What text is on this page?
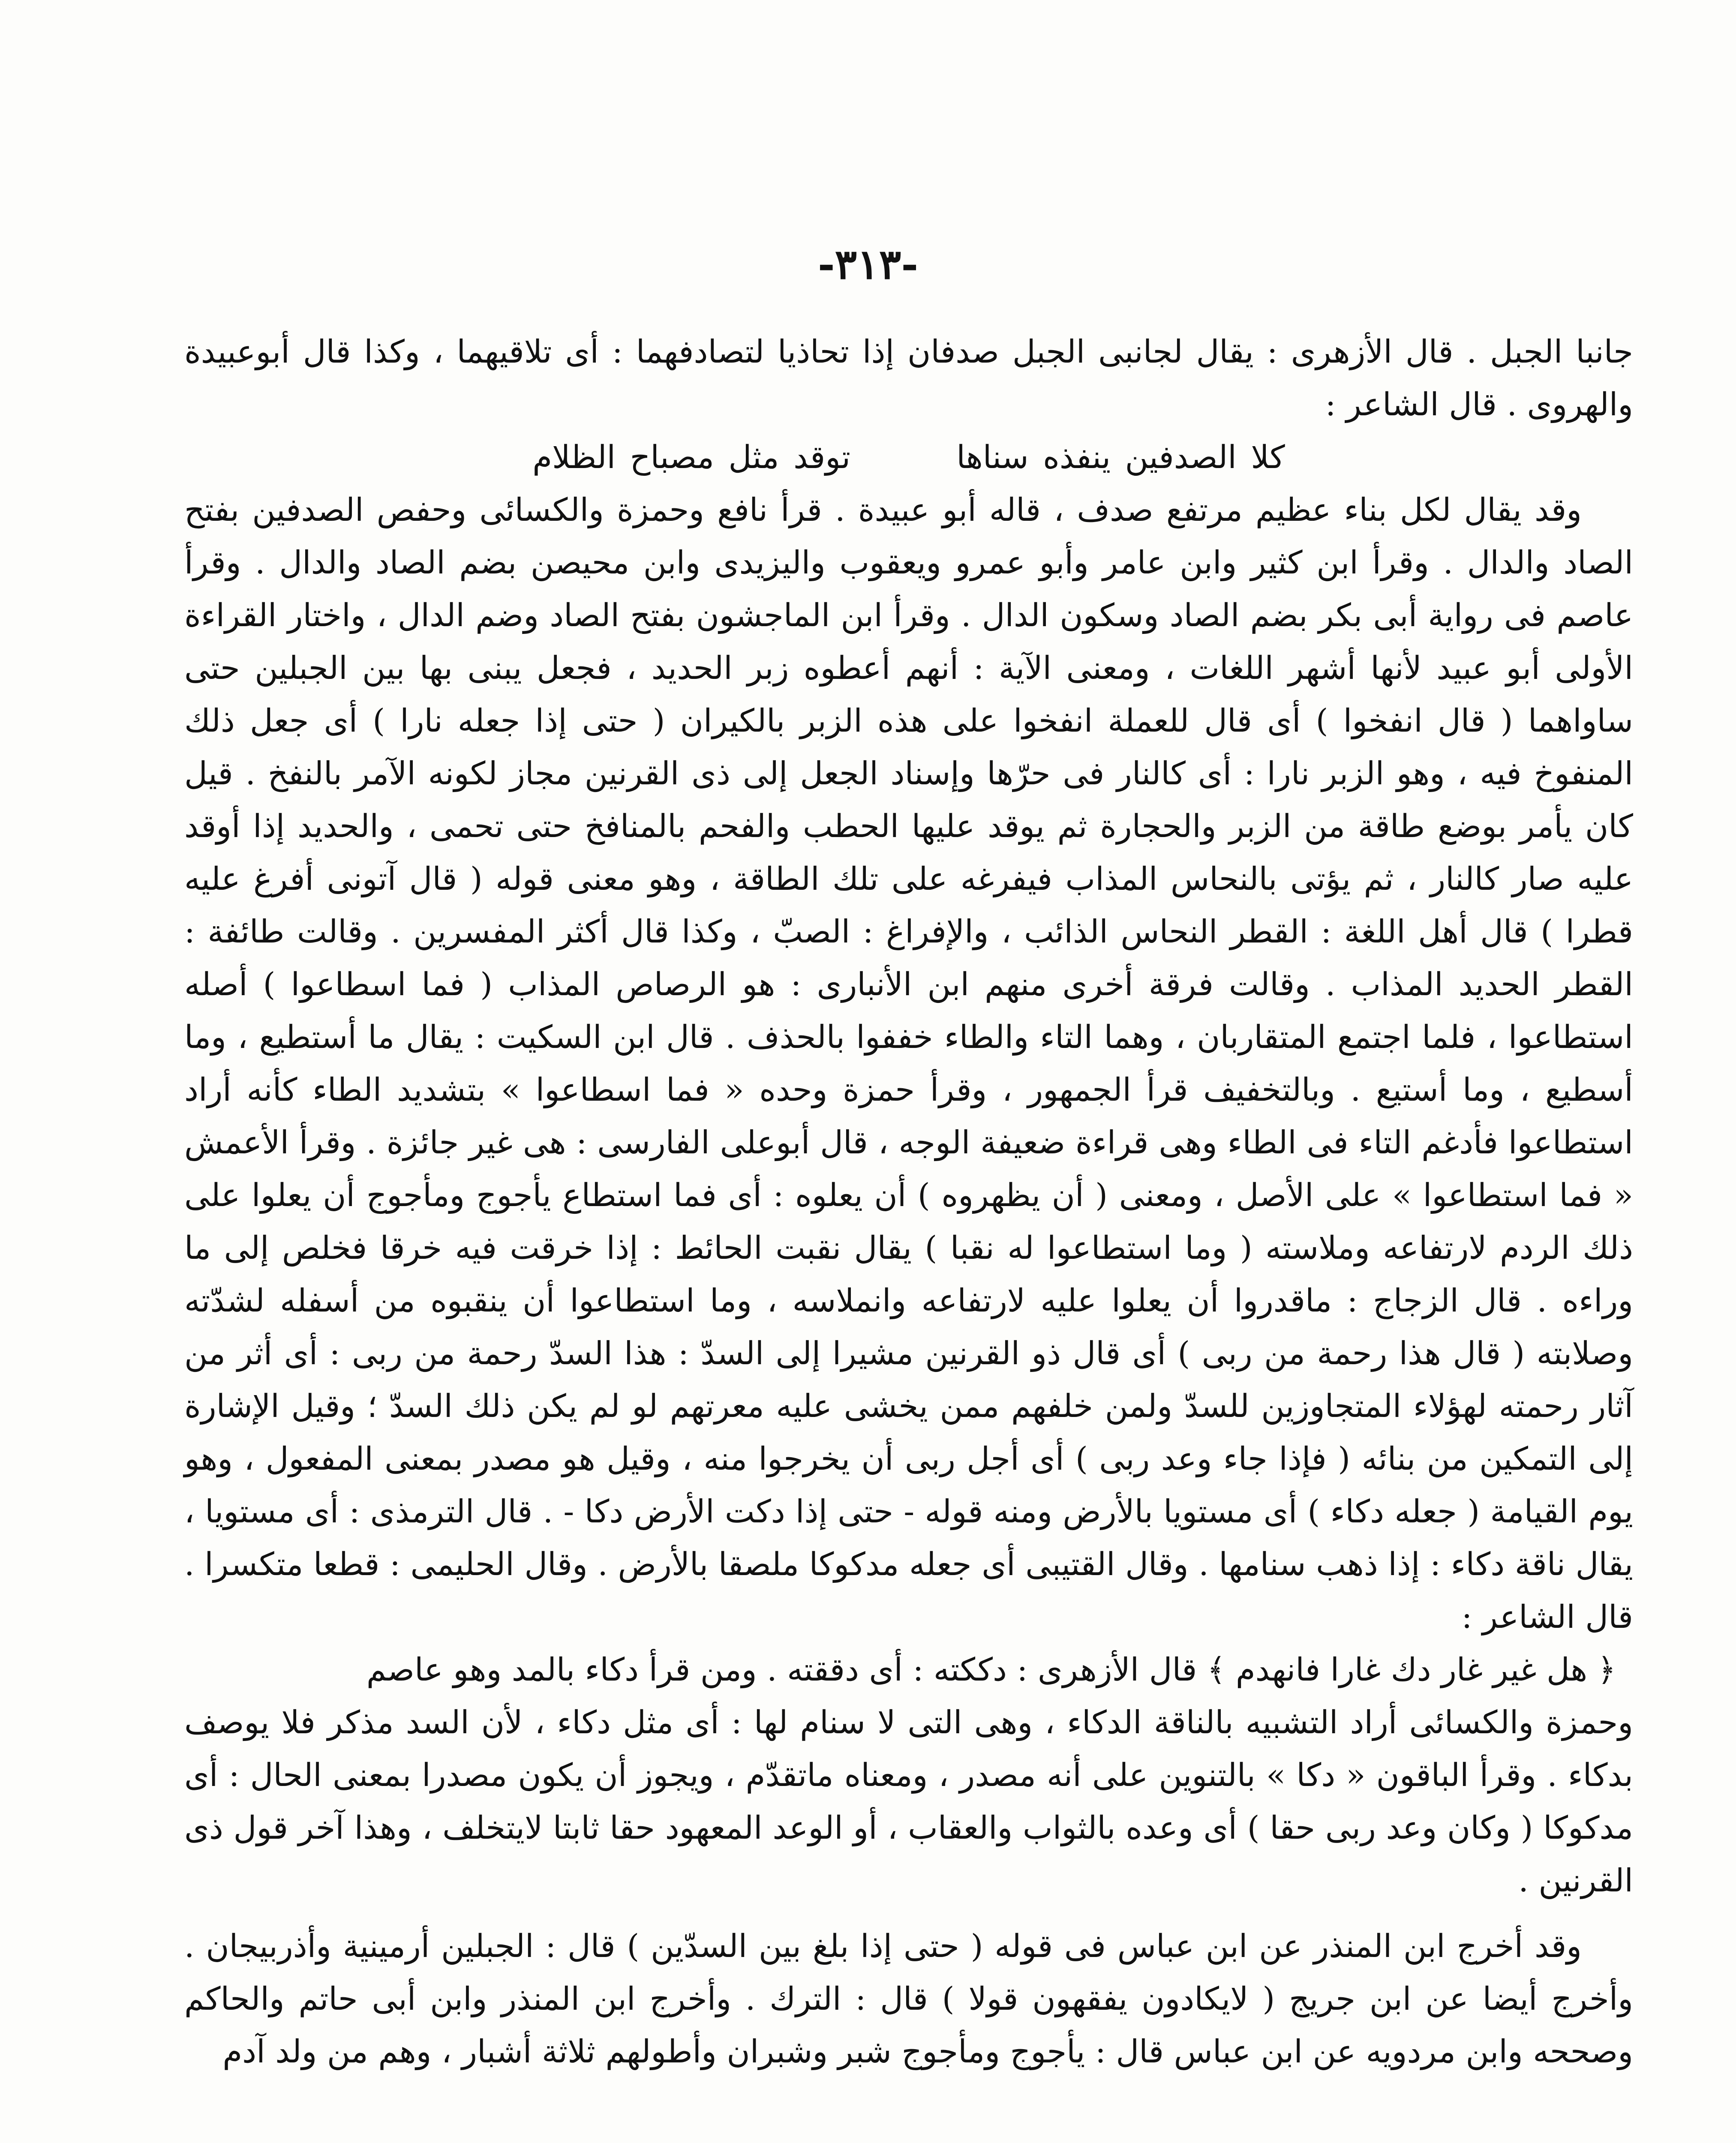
-٣١٣-

جانبا الجبل . قال الأزهرى : يقال لجانبى الجبل صدفان إذا تحاذيا لتصادفهما : أى تلاقيهما ، وكذا قال أبوعبيدة والهروى . قال الشاعر :

كلا الصدفين ينفذه سناها  توقد مثل مصباح الظلام

وقد يقال لكل بناء عظيم مرتفع صدف ، قاله أبو عبيدة . قرأ نافع وحمزة والكسائى وحفص الصدفين بفتح الصاد والدال . وقرأ ابن كثير وابن عامر وأبو عمرو ويعقوب واليزيدى وابن محيصن بضم الصاد والدال . وقرأ عاصم فى رواية أبى بكر بضم الصاد وسكون الدال . وقرأ ابن الماجشون بفتح الصاد وضم الدال ، واختار القراءة الأولى أبو عبيد لأنها أشهر اللغات ، ومعنى الآية : أنهم أعطوه زبر الحديد ، فجعل يبنى بها بين الجبلين حتى ساواهما ( قال انفخوا ) أى قال للعملة انفخوا على هذه الزبر بالكيران ( حتى إذا جعله نارا ) أى جعل ذلك المنفوخ فيه ، وهو الزبر نارا : أى كالنار فى حرّها وإسناد الجعل إلى ذى القرنين مجاز لكونه الآمر بالنفخ . قيل كان يأمر بوضع طاقة من الزبر والحجارة ثم يوقد عليها الحطب والفحم بالمنافخ حتى تحمى ، والحديد إذا أوقد عليه صار كالنار ، ثم يؤتى بالنحاس المذاب فيفرغه على تلك الطاقة ، وهو معنى قوله ( قال آتونى أفرغ عليه قطرا ) قال أهل اللغة : القطر النحاس الذائب ، والإفراغ : الصبّ ، وكذا قال أكثر المفسرين . وقالت طائفة : القطر الحديد المذاب . وقالت فرقة أخرى منهم ابن الأنبارى : هو الرصاص المذاب ( فما اسطاعوا ) أصله استطاعوا ، فلما اجتمع المتقاربان ، وهما التاء والطاء خففوا بالحذف . قال ابن السكيت : يقال ما أستطيع ، وما أسطيع ، وما أستيع . وبالتخفيف قرأ الجمهور ، وقرأ حمزة وحده « فما اسطاعوا » بتشديد الطاء كأنه أراد استطاعوا فأدغم التاء فى الطاء وهى قراءة ضعيفة الوجه ، قال أبوعلى الفارسى : هى غير جائزة . وقرأ الأعمش « فما استطاعوا » على الأصل ، ومعنى ( أن يظهروه ) أن يعلوه : أى فما استطاع يأجوج ومأجوج أن يعلوا على ذلك الردم لارتفاعه وملاسته ( وما استطاعوا له نقبا ) يقال نقبت الحائط : إذا خرقت فيه خرقا فخلص إلى ما وراءه . قال الزجاج : ماقدروا أن يعلوا عليه لارتفاعه وانملاسه ، وما استطاعوا أن ينقبوه من أسفله لشدّته وصلابته ( قال هذا رحمة من ربى ) أى قال ذو القرنين مشيرا إلى السدّ : هذا السدّ رحمة من ربى : أى أثر من آثار رحمته لهؤلاء المتجاوزين للسدّ ولمن خلفهم ممن يخشى عليه معرتهم لو لم يكن ذلك السدّ ؛ وقيل الإشارة إلى التمكين من بنائه ( فإذا جاء وعد ربى ) أى أجل ربى أن يخرجوا منه ، وقيل هو مصدر بمعنى المفعول ، وهو يوم القيامة ( جعله دكاء ) أى مستويا بالأرض ومنه قوله - حتى إذا دكت الأرض دكا - . قال الترمذى : أى مستويا ، يقال ناقة دكاء : إذا ذهب سنامها . وقال القتيبى أى جعله مدكوكا ملصقا بالأرض . وقال الحليمى : قطعا متكسرا . قال الشاعر :

﴿ هل غير غار دك غارا فانهدم ﴾ قال الأزهرى : دككته : أى دققته . ومن قرأ دكاء بالمد وهو عاصم

وحمزة والكسائى أراد التشبيه بالناقة الدكاء ، وهى التى لا سنام لها : أى مثل دكاء ، لأن السد مذكر فلا يوصف بدكاء . وقرأ الباقون « دكا » بالتنوين على أنه مصدر ، ومعناه ماتقدّم ، ويجوز أن يكون مصدرا بمعنى الحال : أى مدكوكا ( وكان وعد ربى حقا ) أى وعده بالثواب والعقاب ، أو الوعد المعهود حقا ثابتا لايتخلف ، وهذا آخر قول ذى القرنين .

وقد أخرج ابن المنذر عن ابن عباس فى قوله ( حتى إذا بلغ بين السدّين ) قال : الجبلين أرمينية وأذربيجان . وأخرج أيضا عن ابن جريج ( لايكادون يفقهون قولا ) قال : الترك . وأخرج ابن المنذر وابن أبى حاتم والحاكم وصححه وابن مردويه عن ابن عباس قال : يأجوج ومأجوج شبر وشبران وأطولهم ثلاثة أشبار ، وهم من ولد آدم
